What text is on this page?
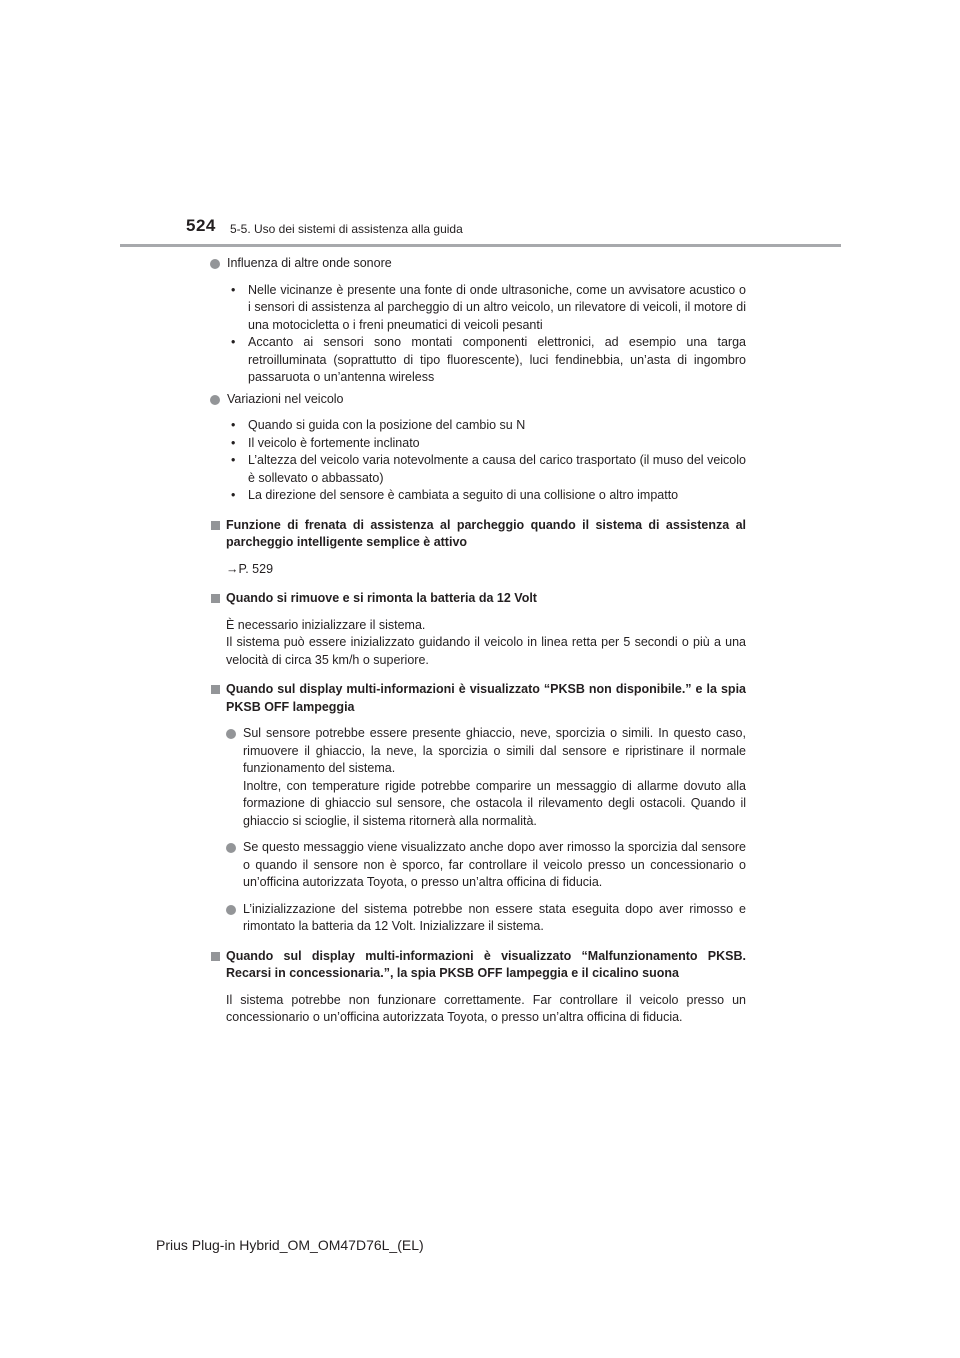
524 5-5. Uso dei sistemi di assistenza alla guida
Influenza di altre onde sonore
• Nelle vicinanze è presente una fonte di onde ultrasoniche, come un avvisatore acustico o i sensori di assistenza al parcheggio di un altro veicolo, un rilevatore di veicoli, il motore di una motocicletta o i freni pneumatici di veicoli pesanti
• Accanto ai sensori sono montati componenti elettronici, ad esempio una targa retroilluminata (soprattutto di tipo fluorescente), luci fendinebbia, un’asta di ingombro passaruota o un’antenna wireless
Variazioni nel veicolo
• Quando si guida con la posizione del cambio su N
• Il veicolo è fortemente inclinato
• L’altezza del veicolo varia notevolmente a causa del carico trasportato (il muso del veicolo è sollevato o abbassato)
• La direzione del sensore è cambiata a seguito di una collisione o altro impatto
Funzione di frenata di assistenza al parcheggio quando il sistema di assistenza al parcheggio intelligente semplice è attivo
→P. 529
Quando si rimuove e si rimonta la batteria da 12 Volt
È necessario inizializzare il sistema.
Il sistema può essere inizializzato guidando il veicolo in linea retta per 5 secondi o più a una velocità di circa 35 km/h o superiore.
Quando sul display multi-informazioni è visualizzato “PKSB non disponibile.” e la spia PKSB OFF lampeggia
Sul sensore potrebbe essere presente ghiaccio, neve, sporcizia o simili. In questo caso, rimuovere il ghiaccio, la neve, la sporcizia o simili dal sensore e ripristinare il normale funzionamento del sistema.
Inoltre, con temperature rigide potrebbe comparire un messaggio di allarme dovuto alla formazione di ghiaccio sul sensore, che ostacola il rilevamento degli ostacoli. Quando il ghiaccio si scioglie, il sistema ritornerà alla normalità.
Se questo messaggio viene visualizzato anche dopo aver rimosso la sporcizia dal sensore o quando il sensore non è sporco, far controllare il veicolo presso un concessionario o un’officina autorizzata Toyota, o presso un’altra officina di fiducia.
L’inizializzazione del sistema potrebbe non essere stata eseguita dopo aver rimosso e rimontato la batteria da 12 Volt. Inizializzare il sistema.
Quando sul display multi-informazioni è visualizzato “Malfunzionamento PKSB. Recarsi in concessionaria.”, la spia PKSB OFF lampeggia e il cicalino suona
Il sistema potrebbe non funzionare correttamente. Far controllare il veicolo presso un concessionario o un’officina autorizzata Toyota, o presso un’altra officina di fiducia.
Prius Plug-in Hybrid_OM_OM47D76L_(EL)
